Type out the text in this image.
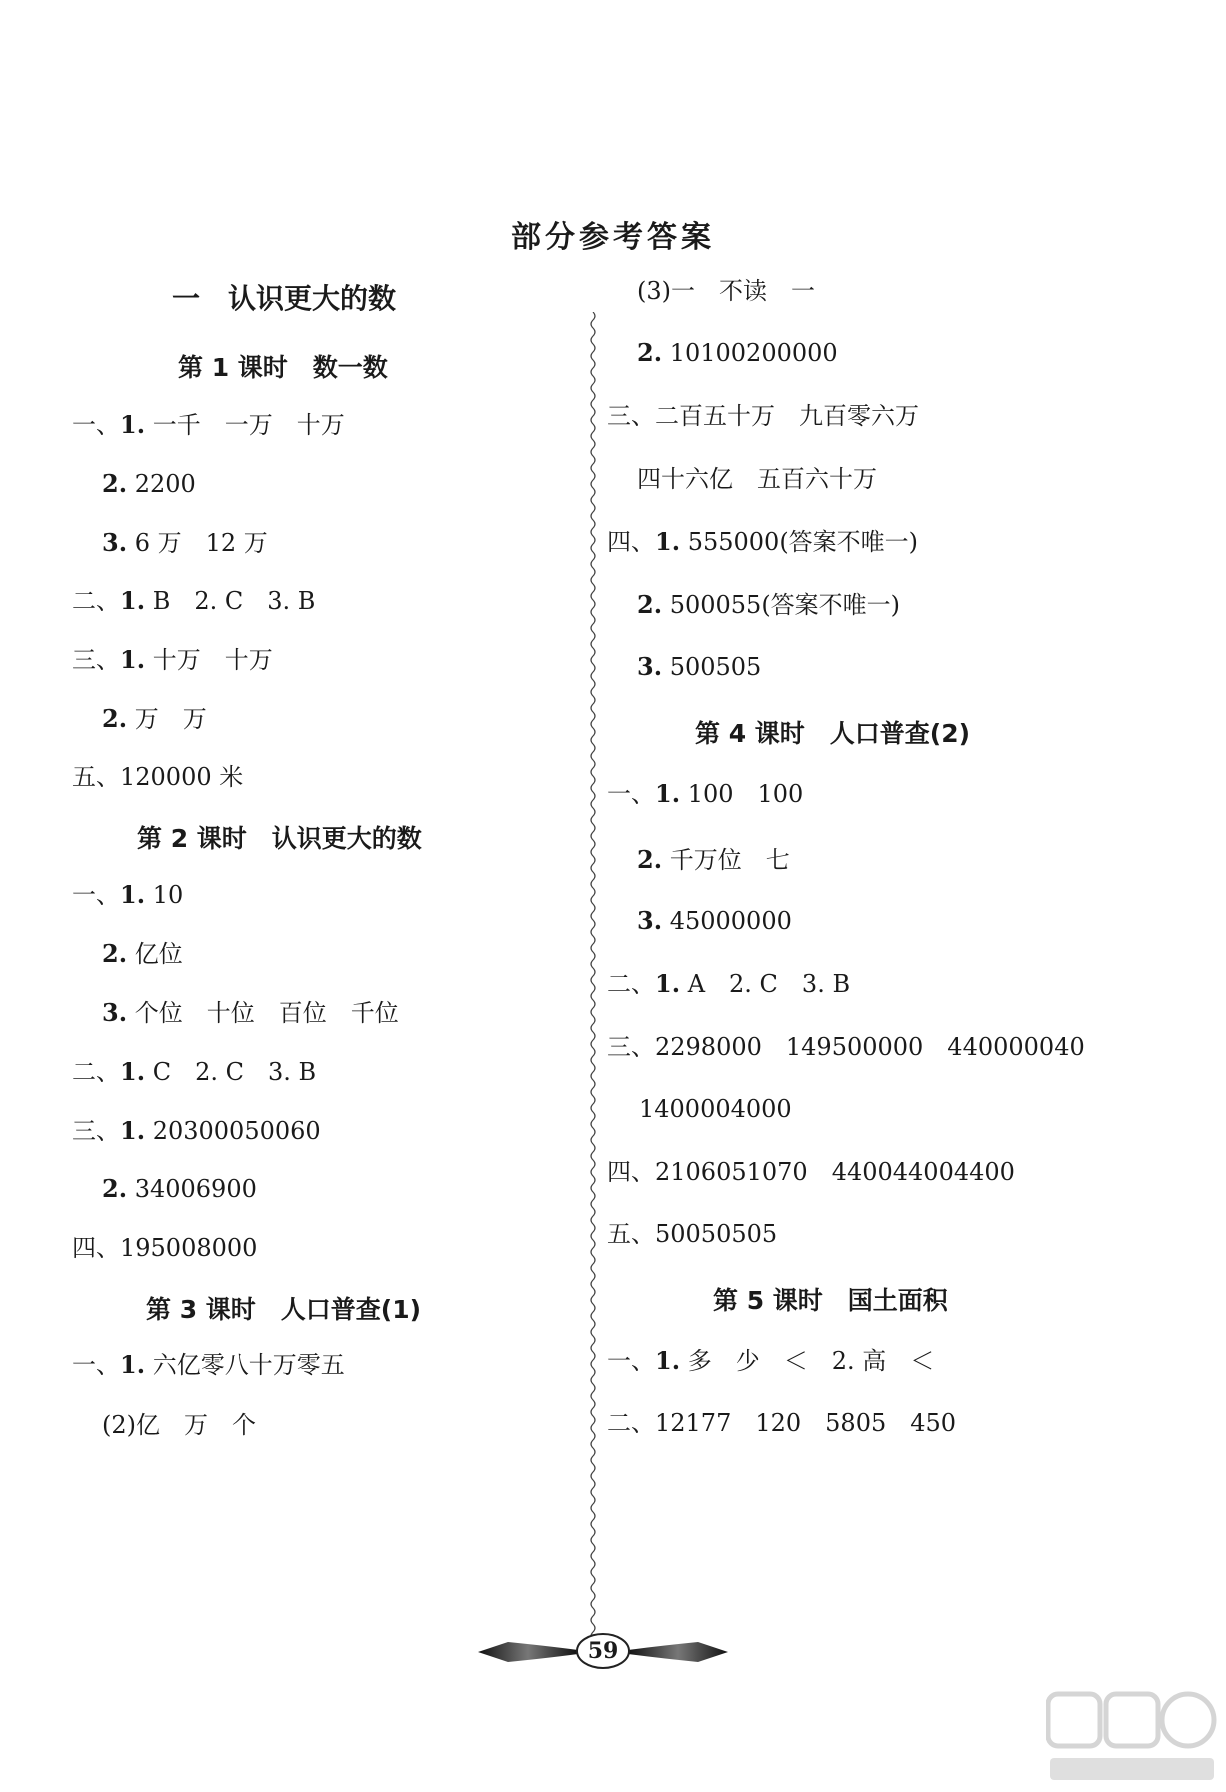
部分参考答案
一　认识更大的数
第 1 课时　数一数
一、1. 一千　一万　十万
2. 2200
3. 6 万　12 万
二、1. B　2. C　3. B
三、1. 十万　十万
2. 万　万
五、120000 米
第 2 课时　认识更大的数
一、1. 10
2. 亿位
3. 个位　十位　百位　千位
二、1. C　2. C　3. B
三、1. 20300050060
2. 34006900
四、195008000
第 3 课时　人口普查(1)
一、1. 六亿零八十万零五
(2)亿　万　个
(3)一　不读　一
2. 10100200000
三、二百五十万　九百零六万
四十六亿　五百六十万
四、1. 555000(答案不唯一)
2. 500055(答案不唯一)
3. 500505
第 4 课时　人口普查(2)
一、1. 100　100
2. 千万位　七
3. 45000000
二、1. A　2. C　3. B
三、2298000　149500000　440000040
1400004000
四、2106051070　440044004400
五、50050505
第 5 课时　国土面积
一、1. 多　少　＜　2. 高　＜
二、12177　120　5805　450
59
